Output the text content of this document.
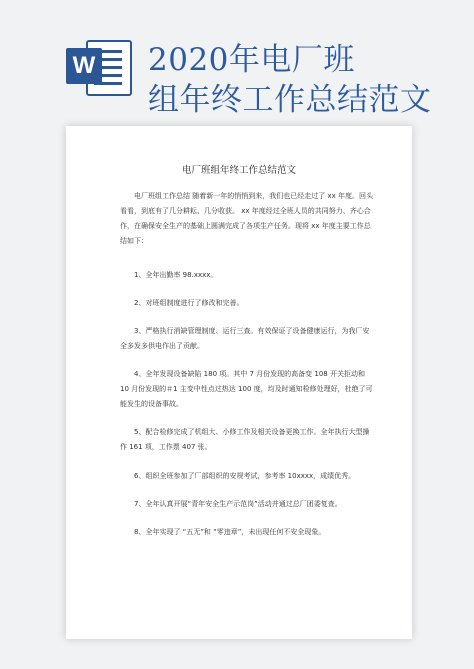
W 2020年电厂班
组年终工作总结范文

电厂班组年终工作总结范文

电厂班组工作总结 随着新一年的悄悄到来，我们也已经走过了 xx 年度。回头看看，到底有了几分耕耘、几分收获。 xx 年度经过全班人员的共同努力、齐心合作，在确保安全生产的基础上圆满完成了各项生产任务。现将 xx 年度主要工作总结如下：

1、全年出勤率 98.xxxx。

2、对班组制度进行了修改和完善。

3、严格执行消缺管理制度、运行三查。有效保证了设备健康运行，为我厂安全多发多供电作出了贡献。

4、全年发现设备缺陷 180 项。其中 7 月份发现的高备变 108 开关拒动和 10 月份发现的＃1 主变中性点过热达 100 度，均及时通知检修处理好，杜绝了可能发生的设备事故。

5、配合检修完成了机组大、小修工作及相关设备更换工作。全年执行大型操作 161 项，工作票 407 张。

6、组织全班参加了厂部组织的安规考试，参考率 10xxxx，成绩优秀。

7、全年认真开展“青年安全生产示范岗”活动并通过总厂团委复查。

8、全年实现了 “五无”和 “零违章”，未出现任何不安全现象。
